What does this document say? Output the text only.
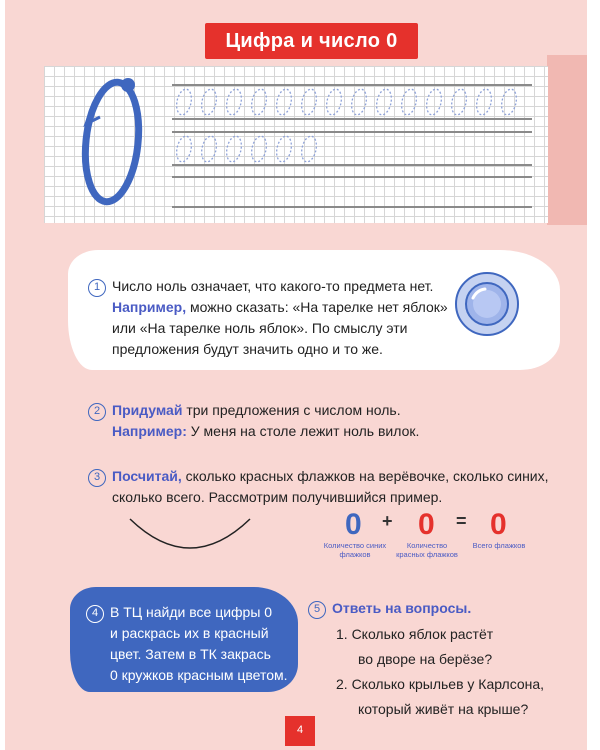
Цифра и число 0
1 Число ноль означает, что какого-то предмета нет.
Например, можно сказать: «На тарелке нет яблок»
или «На тарелке ноль яблок». По смыслу эти
предложения будут значить одно и то же.
2 Придумай три предложения с числом ноль.
Например: У меня на столе лежит ноль вилок.
3 Посчитай, сколько красных флажков на верёвочке, сколько синих,
сколько всего. Рассмотрим получившийся пример.
0 + 0 = 0
Количество синих флажков
Количество красных флажков
Всего флажков
4 В ТЦ найди все цифры 0
и раскрась их в красный
цвет. Затем в ТК закрась
0 кружков красным цветом.
5 Ответь на вопросы.
1. Сколько яблок растёт
во дворе на берёзе?
2. Сколько крыльев у Карлсона,
который живёт на крыше?
4
